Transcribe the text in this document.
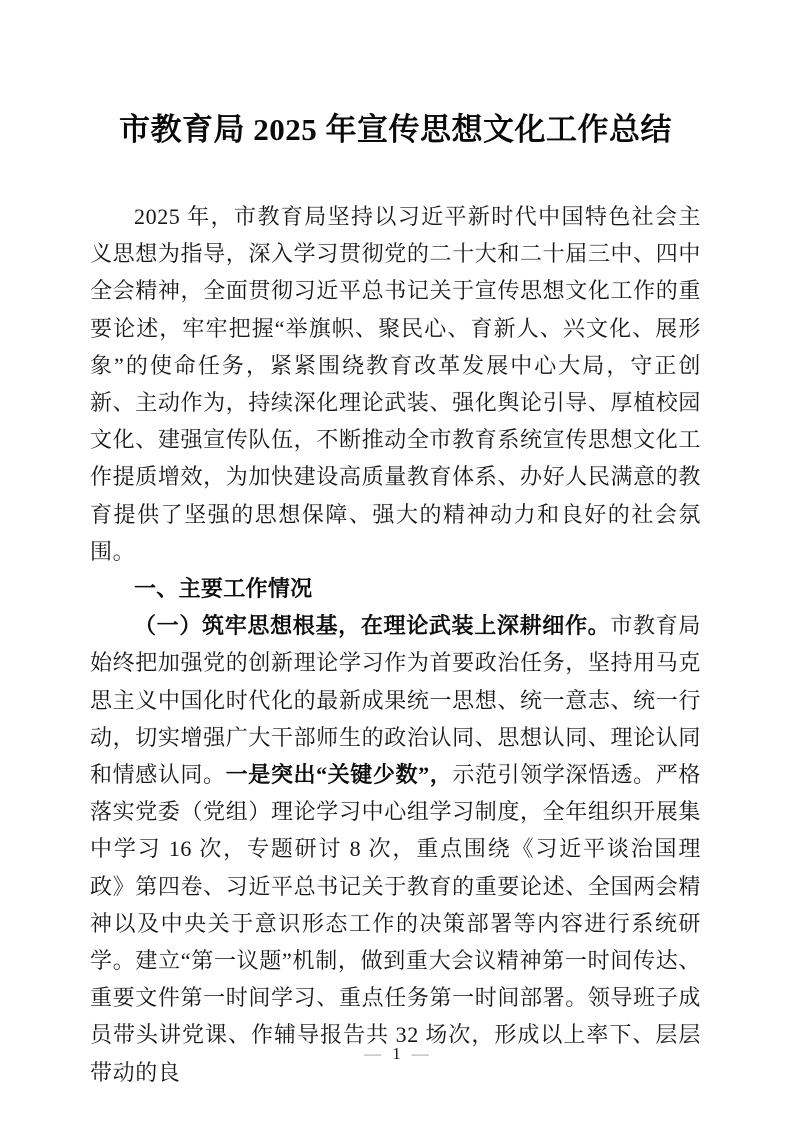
市教育局 2025 年宣传思想文化工作总结

2025 年，市教育局坚持以习近平新时代中国特色社会主义思想为指导，深入学习贯彻党的二十大和二十届三中、四中全会精神，全面贯彻习近平总书记关于宣传思想文化工作的重要论述，牢牢把握“举旗帜、聚民心、育新人、兴文化、展形象”的使命任务，紧紧围绕教育改革发展中心大局，守正创新、主动作为，持续深化理论武装、强化舆论引导、厚植校园文化、建强宣传队伍，不断推动全市教育系统宣传思想文化工作提质增效，为加快建设高质量教育体系、办好人民满意的教育提供了坚强的思想保障、强大的精神动力和良好的社会氛围。

一、主要工作情况

（一）筑牢思想根基，在理论武装上深耕细作。市教育局始终把加强党的创新理论学习作为首要政治任务，坚持用马克思主义中国化时代化的最新成果统一思想、统一意志、统一行动，切实增强广大干部师生的政治认同、思想认同、理论认同和情感认同。一是突出“关键少数”，示范引领学深悟透。严格落实党委（党组）理论学习中心组学习制度，全年组织开展集中学习 16 次，专题研讨 8 次，重点围绕《习近平谈治国理政》第四卷、习近平总书记关于教育的重要论述、全国两会精神以及中央关于意识形态工作的决策部署等内容进行系统研学。建立“第一议题”机制，做到重大会议精神第一时间传达、重要文件第一时间学习、重点任务第一时间部署。领导班子成员带头讲党课、作辅导报告共 32 场次，形成以上率下、层层带动的良

— 1 —
